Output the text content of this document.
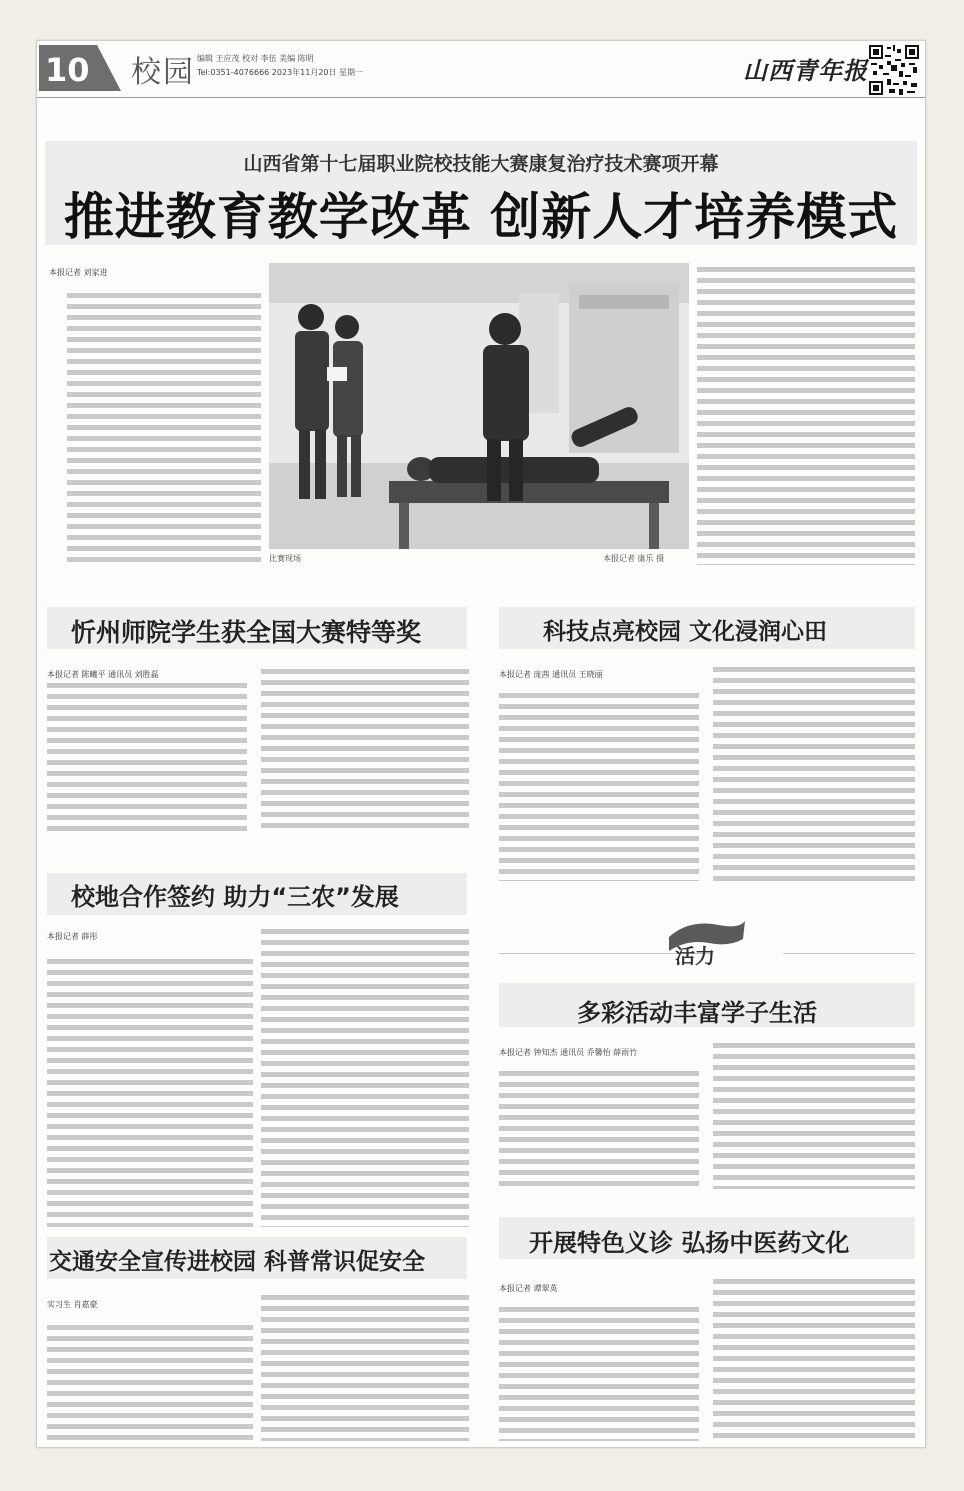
10 校园 编辑 王应茂 校对 李伍 美编 陈明
Tel:0351-4076666 2023年11月20日 星期一	山西青年报
山西省第十七届职业院校技能大赛康复治疗技术赛项开幕
推进教育教学改革 创新人才培养模式
本报记者 刘家进
比赛现场	本报记者 康乐 摄
忻州师院学生获全国大赛特等奖
本报记者 陈曦平 通讯员 刘胜磊
科技点亮校园 文化浸润心田
本报记者 庞茜 通讯员 王晓丽
校地合作签约 助力“三农”发展
本报记者 薛彤
活力
多彩活动丰富学子生活
本报记者 钟知杰 通讯员 乔馨怡 薛雨竹
交通安全宣传进校园 科普常识促安全
实习生 肖嘉豪
开展特色义诊 弘扬中医药文化
本报记者 谭翠英
